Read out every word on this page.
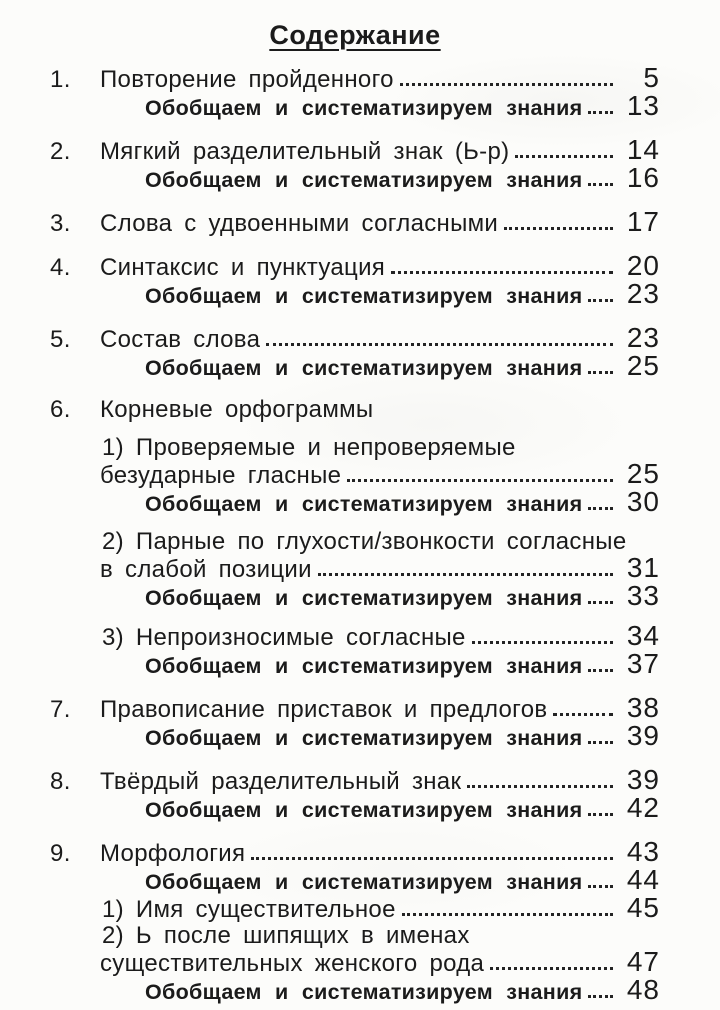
Содержание
1.	Повторение пройденного	5
Обобщаем и систематизируем знания	13
2.	Мягкий разделительный знак (Ь-р)	14
Обобщаем и систематизируем знания	16
3.	Слова с удвоенными согласными	17
4.	Синтаксис и пунктуация	20
Обобщаем и систематизируем знания	23
5.	Состав слова	23
Обобщаем и систематизируем знания	25
6.	Корневые орфограммы
1) Проверяемые и непроверяемые
безударные гласные	25
Обобщаем и систематизируем знания	30
2) Парные по глухости/звонкости согласные
в слабой позиции	31
Обобщаем и систематизируем знания	33
3) Непроизносимые согласные	34
Обобщаем и систематизируем знания	37
7.	Правописание приставок и предлогов	38
Обобщаем и систематизируем знания	39
8.	Твёрдый разделительный знак	39
Обобщаем и систематизируем знания	42
9.	Морфология	43
Обобщаем и систематизируем знания	44
1) Имя существительное	45
2) Ь после шипящих в именах
существительных женского рода	47
Обобщаем и систематизируем знания	48
